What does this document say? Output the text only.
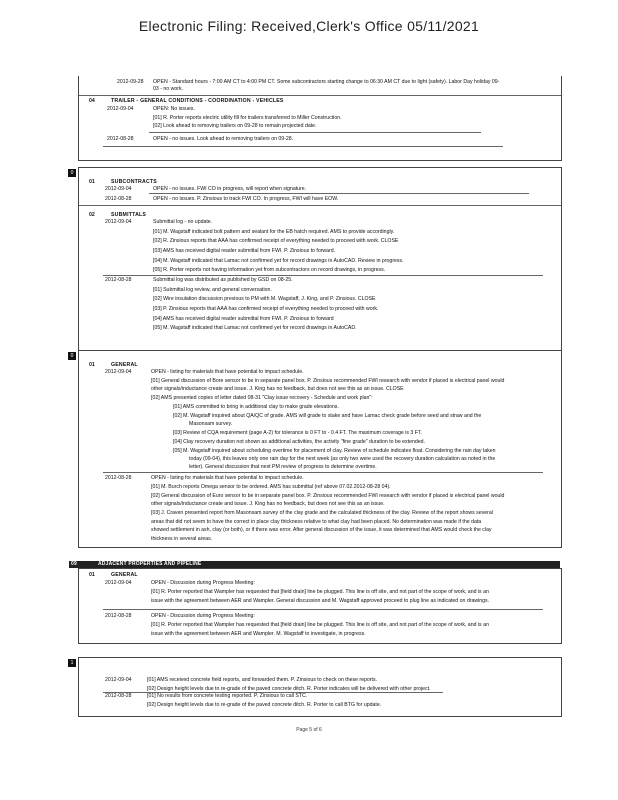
Electronic Filing: Received,Clerk's Office 05/11/2021
2012-09-28 OPEN - Standard hours - 7:00 AM CT to 4:00 PM CT. Some subcontractors starting change to 06:30 AM CT due to light (safety). Labor Day holiday 09-
03 - no work.
04	TRAILER - GENERAL CONDITIONS - COORDINATION - VEHICLES
2012-09-04	OPEN: No issues.
[01] R. Porter reports electric utility fill for trailers transferred to Miller Construction.
[02] Look ahead to removing trailers on 09-28 to remain projected date.
2012-08-28	OPEN - no issues. Look ahead to removing trailers on 09-28.
0
01	SUBCONTRACTS
2012-09-04	OPEN - no issues. FWI CO in progress, will report when signature.
2012-08-28	OPEN - no issues. P. Zinsious to track FWI CO. In progress, FWI will have EOW.
02	SUBMITTALS
2012-09-04	Submittal log - no update.
[01] M. Wagstaff indicated bolt pattern and sealant for the EB hatch required. AMS to provide accordingly.
[02] R. Zinsious reports that AAA has confirmed receipt of everything needed to proceed with work. CLOSE
[03] AMS has received digital reader submittal from FWI. P. Zinsious to forward.
[04] M. Wagstaff indicated that Lamac not confirmed yet for record drawings in AutoCAD. Review in progress.
[05] R. Porter reports not having information yet from subcontractors on record drawings, in progress.
2012-08-28	Submittal log was distributed as published by GSD on 08-25.
[01] Submittal log review, and general conversation.
[02] Wire insulation discussion previous to PM with M. Wagstaff, J. King, and P. Zinsious. CLOSE
[03] P. Zinsious reports that AAA has confirmed receipt of everything needed to proceed with work.
[04] AMS has received digital reader submittal from FWI. P. Zinsious to forward
[05] M. Wagstaff indicated that Lamac not confirmed yet for record drawings in AutoCAD.
0
01	GENERAL
2012-09-04	OPEN - listing for materials that have potential to impact schedule.
[01] General discussion of Bore sensor to be in separate panel box. P. Zinsious recommended FWI research with vendor if placed is electrical panel would
other signals/inductance create and issue. J. King has no feedback, but does not see this as an issue. CLOSE
[02] AMS presented copies of letter dated 08-31 "Clay issue recovery - Schedule and work plan":
[01] AMS committed to bring in additional clay to make grade elevations.
[02] M. Wagstaff inquired about QA/QC of grade. AMS will grade to stake and have Lamac check grade before seed and straw and the
Masonsam survey.
[03] Review of CQA requirement (page A-2) for tolerance is 0 FT to - 0.4 FT. The maximum coverage is 3 FT.
[04] Clay recovery duration not shown as additional activities, the activity "fine grade" duration to be extended.
[05] M. Wagstaff inquired about scheduling overtime for placement of clay. Review of schedule indicates float. Considering the rain day taken
today (09-04), this leaves only one rain day for the next week (as only two were used the recovery duration calculation as noted in the
letter). General discussion that next PM review of progress to determine overtime.
2012-08-28	OPEN - listing for materials that have potential to impact schedule.
[01] M. Burch reports Omega sensor to be ordered. AMS has submittal (ref above 07.02.2012-08-28 04).
[02] General discussion of Euro sensor to be in separate panel box. P. Zinsious recommended FWI research with vendor if placed is electrical panel would
other signals/inductance create and issue. J. King has no feedback, but does not see this as an issue.
[03] J. Craven presented report from Masonsam survey of the clay grade and the calculated thickness of the clay. Review of the report shows several
areas that did not seem to have the correct in place clay thickness relative to what clay had been placed. No determination was made if the data
showed settlement in ash, clay (or both), or if there was error. After general discussion of the issue, it was determined that AMS would check the clay
thickness in several areas.
09	ADJACENT PROPERTIES AND PIPELINE
01	GENERAL
2012-09-04	OPEN - Discussion during Progress Meeting:
[01] R. Porter reported that Wampler has requested that [field drain] line be plugged. This line is off site, and not part of the scope of work, and is an
issue with the agreement between AER and Wampler. General discussion and M. Wagstaff approved proceed to plug line as indicated on drawings.
2012-08-28	OPEN - Discussion during Progress Meeting:
[01] R. Porter reported that Wampler has requested that [field drain] line be plugged. This line is off site, and not part of the scope of work, and is an
issue with the agreement between AER and Wampler. M. Wagstaff to investigate, in progress.
1
2012-09-04	[01] AMS received concrete field reports, and forwarded them. P. Zinsious to check on these reports.
[02] Design height levels due to re-grade of the paved concrete ditch. R. Porter indicates will be delivered with other project.
2012-08-28	[01] No results from concrete testing reported. P. Zinsious to call STC.
[02] Design height levels due to re-grade of the paved concrete ditch. R. Porter to call BTG for update.
Page 5 of 6
